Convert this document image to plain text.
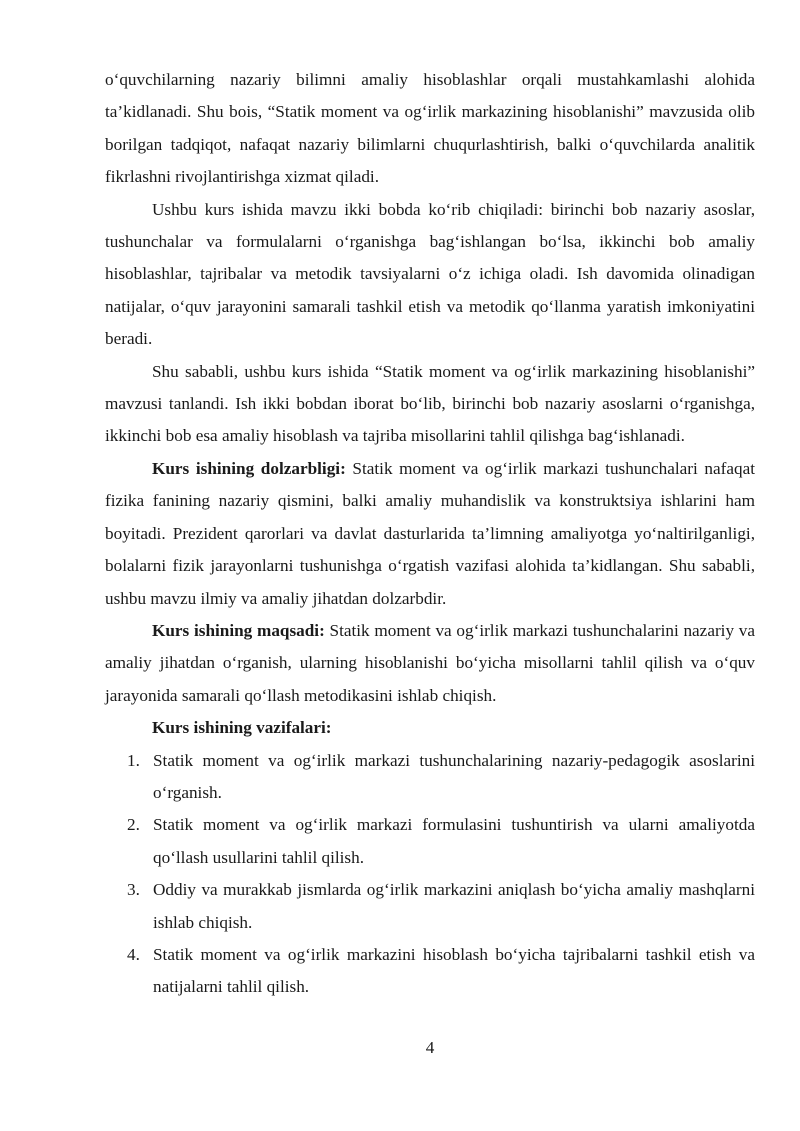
o‘quvchilarning nazariy bilimni amaliy hisoblashlar orqali mustahkamlashi alohida ta’kidlanadi. Shu bois, “Statik moment va og‘irlik markazining hisoblanishi” mavzusida olib borilgan tadqiqot, nafaqat nazariy bilimlarni chuqurlashtirish, balki o‘quvchilarda analitik fikrlashni rivojlantirishga xizmat qiladi.

Ushbu kurs ishida mavzu ikki bobda ko‘rib chiqiladi: birinchi bob nazariy asoslar, tushunchalar va formulalarni o‘rganishga bag‘ishlangan bo‘lsa, ikkinchi bob amaliy hisoblashlar, tajribalar va metodik tavsiyalarni o‘z ichiga oladi. Ish davomida olinadigan natijalar, o‘quv jarayonini samarali tashkil etish va metodik qo‘llanma yaratish imkoniyatini beradi.

Shu sababli, ushbu kurs ishida “Statik moment va og‘irlik markazining hisoblanishi” mavzusi tanlandi. Ish ikki bobdan iborat bo‘lib, birinchi bob nazariy asoslarni o‘rganishga, ikkinchi bob esa amaliy hisoblash va tajriba misollarini tahlil qilishga bag‘ishlanadi.

Kurs ishining dolzarbligi: Statik moment va og‘irlik markazi tushunchalari nafaqat fizika fanining nazariy qismini, balki amaliy muhandislik va konstruktsiya ishlarini ham boyitadi. Prezident qarorlari va davlat dasturlarida ta’limning amaliyotga yo‘naltirilganligi, bolalarni fizik jarayonlarni tushunishga o‘rgatish vazifasi alohida ta’kidlangan. Shu sababli, ushbu mavzu ilmiy va amaliy jihatdan dolzarbdir.

Kurs ishining maqsadi: Statik moment va og‘irlik markazi tushunchalarini nazariy va amaliy jihatdan o‘rganish, ularning hisoblanishi bo‘yicha misollarni tahlil qilish va o‘quv jarayonida samarali qo‘llash metodikasini ishlab chiqish.

Kurs ishining vazifalari:

1. Statik moment va og‘irlik markazi tushunchalarining nazariy-pedagogik asoslarini o‘rganish.
2. Statik moment va og‘irlik markazi formulasini tushuntirish va ularni amaliyotda qo‘llash usullarini tahlil qilish.
3. Oddiy va murakkab jismlarda og‘irlik markazini aniqlash bo‘yicha amaliy mashqlarni ishlab chiqish.
4. Statik moment va og‘irlik markazini hisoblash bo‘yicha tajribalarni tashkil etish va natijalarni tahlil qilish.
4
